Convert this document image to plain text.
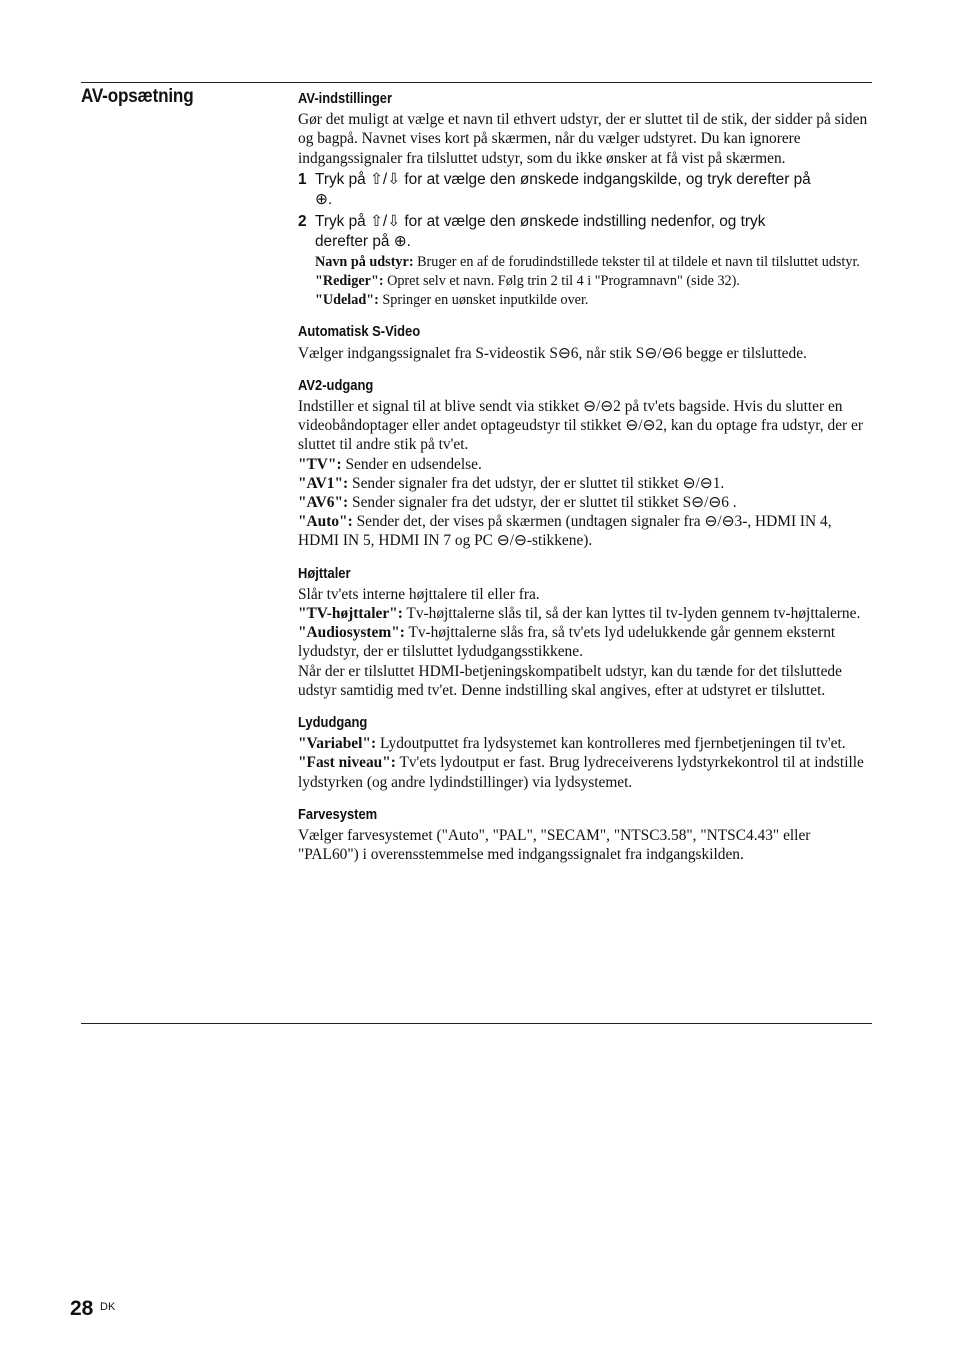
AV-opsætning	AV-indstillinger

Gør det muligt at vælge et navn til ethvert udstyr, der er sluttet til de stik, der sidder på siden og bagpå. Navnet vises kort på skærmen, når du vælger udstyret. Du kan ignorere indgangssignaler fra tilsluttet udstyr, som du ikke ønsker at få vist på skærmen.

1 Tryk på ⇧/⇩ for at vælge den ønskede indgangskilde, og tryk derefter på
⊕.
2 Tryk på ⇧/⇩ for at vælge den ønskede indstilling nedenfor, og tryk
derefter på ⊕.
Navn på udstyr: Bruger en af de forudindstillede tekster til at tildele et navn til tilsluttet udstyr.
"Rediger": Opret selv et navn. Følg trin 2 til 4 i "Programnavn" (side 32).
"Udelad": Springer en uønsket inputkilde over.
Automatisk S-Video

Vælger indgangssignalet fra S-videostik S⊖6, når stik S⊖/⊖6 begge er tilsluttede.

AV2-udgang

Indstiller et signal til at blive sendt via stikket ⊖/⊖2 på tv'ets bagside. Hvis du slutter en videobåndoptager eller andet optageudstyr til stikket ⊖/⊖2, kan du optage fra udstyr, der er sluttet til andre stik på tv'et.

"TV": Sender en udsendelse.

"AV1": Sender signaler fra det udstyr, der er sluttet til stikket ⊖/⊖1.

"AV6": Sender signaler fra det udstyr, der er sluttet til stikket S⊖/⊖6 .

"Auto": Sender det, der vises på skærmen (undtagen signaler fra ⊖/⊖3-, HDMI IN 4, HDMI IN 5, HDMI IN 7 og PC ⊖/⊖-stikkene).

Højttaler

Slår tv'ets interne højttalere til eller fra.

"TV-højttaler": Tv-højttalerne slås til, så der kan lyttes til tv-lyden gennem tv-højttalerne.

"Audiosystem": Tv-højttalerne slås fra, så tv'ets lyd udelukkende går gennem eksternt lydudstyr, der er tilsluttet lydudgangsstikkene.

Når der er tilsluttet HDMI-betjeningskompatibelt udstyr, kan du tænde for det tilsluttede udstyr samtidig med tv'et. Denne indstilling skal angives, efter at udstyret er tilsluttet.

Lydudgang

"Variabel": Lydoutputtet fra lydsystemet kan kontrolleres med fjernbetjeningen til tv'et.

"Fast niveau": Tv'ets lydoutput er fast. Brug lydreceiverens lydstyrkekontrol til at indstille lydstyrken (og andre lydindstillinger) via lydsystemet.

Farvesystem

Vælger farvesystemet ("Auto", "PAL", "SECAM", "NTSC3.58", "NTSC4.43" eller "PAL60") i overensstemmelse med indgangssignalet fra indgangskilden.

28 DK
